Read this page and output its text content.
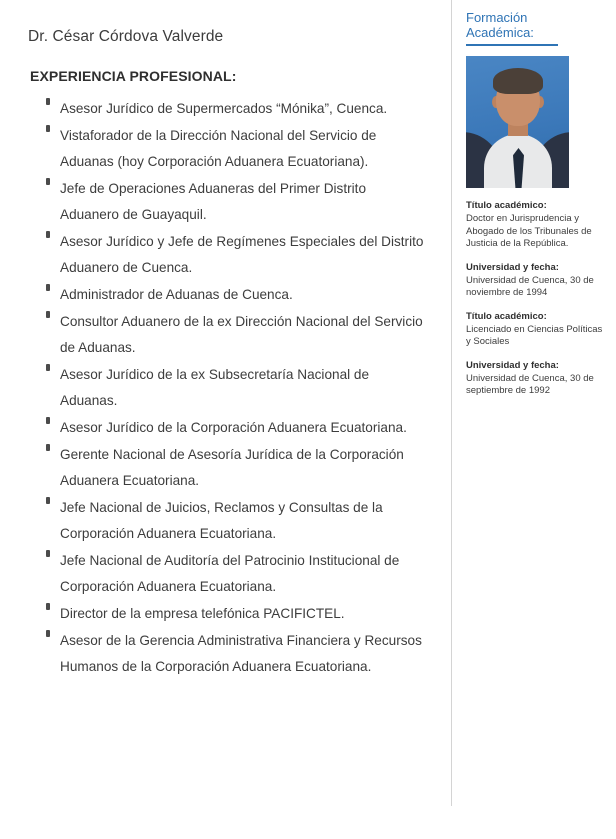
Dr. César Córdova Valverde
EXPERIENCIA PROFESIONAL:
Asesor Jurídico de Supermercados “Mónika”, Cuenca.
Vistaforador de la Dirección Nacional del Servicio de Aduanas (hoy Corporación Aduanera Ecuatoriana).
Jefe de Operaciones Aduaneras del Primer Distrito Aduanero de Guayaquil.
Asesor Jurídico y Jefe de Regímenes Especiales del Distrito Aduanero de Cuenca.
Administrador de Aduanas de Cuenca.
Consultor Aduanero de la ex Dirección Nacional del Servicio de Aduanas.
Asesor Jurídico de la ex Subsecretaría Nacional de Aduanas.
Asesor Jurídico de la Corporación Aduanera Ecuatoriana.
Gerente Nacional de Asesoría Jurídica de la Corporación Aduanera Ecuatoriana.
Jefe Nacional de Juicios, Reclamos y Consultas de la Corporación Aduanera Ecuatoriana.
Jefe Nacional de Auditoría del Patrocinio Institucional de Corporación Aduanera Ecuatoriana.
Director de la empresa telefónica PACIFICTEL.
Asesor de la Gerencia Administrativa Financiera y Recursos Humanos de la Corporación Aduanera Ecuatoriana.
Formación Académica:
Título académico:
Doctor en Jurisprudencia y Abogado de los Tribunales de Justicia de la República.
Universidad y fecha:
Universidad de Cuenca, 30 de noviembre de 1994
Título académico:
Licenciado en Ciencias Políticas y Sociales
Universidad y fecha:
Universidad de Cuenca, 30 de septiembre de 1992
